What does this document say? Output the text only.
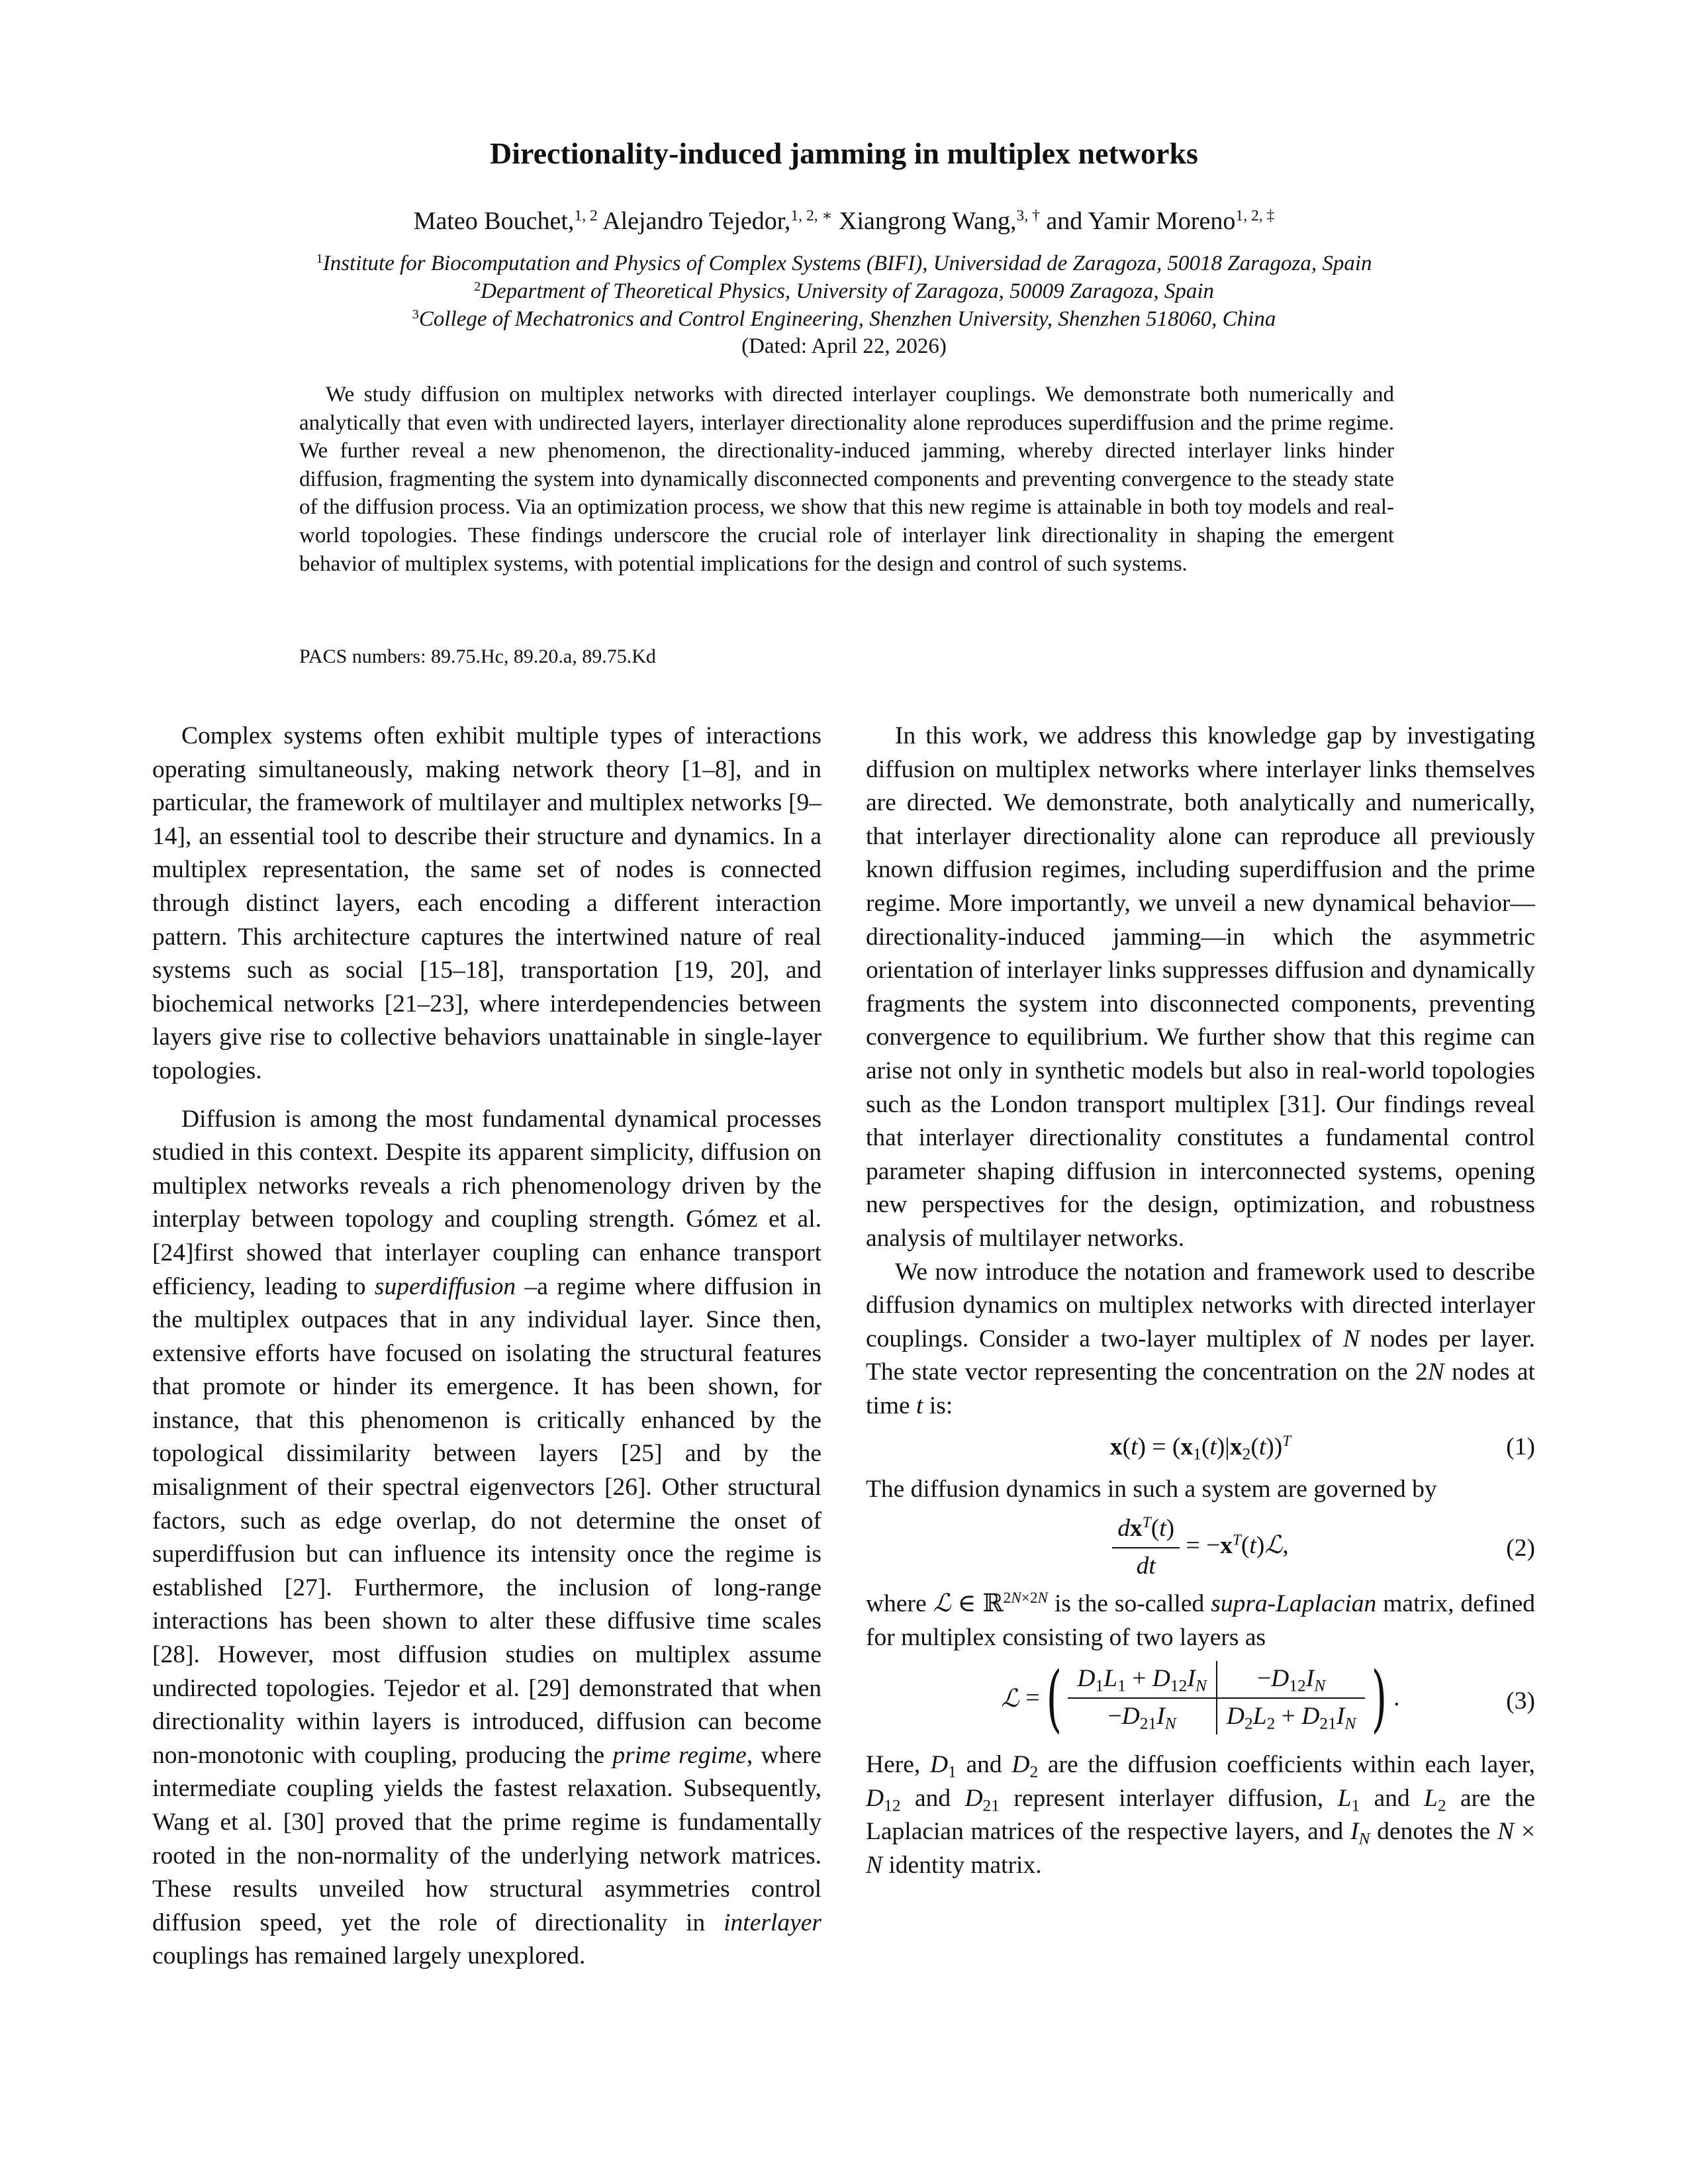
Directionality-induced jamming in multiplex networks
Mateo Bouchet,$^{1, 2}$ Alejandro Tejedor,$^{1, 2, ∗}$ Xiangrong Wang,$^{3, \dagger}$ and Yamir Moreno$^{1, 2, \ddagger}$
$^1$Institute for Biocomputation and Physics of Complex Systems (BIFI), Universidad de Zaragoza, 50018 Zaragoza, Spain
$^2$Department of Theoretical Physics, University of Zaragoza, 50009 Zaragoza, Spain
$^3$College of Mechatronics and Control Engineering, Shenzhen University, Shenzhen 518060, China
(Dated: April 22, 2026)
We study diffusion on multiplex networks with directed interlayer couplings. We demonstrate both numerically and analytically that even with undirected layers, interlayer directionality alone reproduces superdiffusion and the prime regime. We further reveal a new phenomenon, the directionality-induced jamming, whereby directed interlayer links hinder diffusion, fragmenting the system into dynamically disconnected components and preventing convergence to the steady state of the diffusion process. Via an optimization process, we show that this new regime is attainable in both toy models and real-world topologies. These findings underscore the crucial role of interlayer link directionality in shaping the emergent behavior of multiplex systems, with potential implications for the design and control of such systems.
PACS numbers: 89.75.Hc, 89.20.a, 89.75.Kd

Complex systems often exhibit multiple types of interactions operating simultaneously, making network theory [1–8], and in particular, the framework of multilayer and multiplex networks [9–14], an essential tool to describe their structure and dynamics. In a multiplex representation, the same set of nodes is connected through distinct layers, each encoding a different interaction pattern. This architecture captures the intertwined nature of real systems such as social [15–18], transportation [19, 20], and biochemical networks [21–23], where interdependencies between layers give rise to collective behaviors unattainable in single-layer topologies.

Diffusion is among the most fundamental dynamical processes studied in this context. Despite its apparent simplicity, diffusion on multiplex networks reveals a rich phenomenology driven by the interplay between topology and coupling strength. Gómez et al. [24]first showed that interlayer coupling can enhance transport efficiency, leading to superdiffusion –a regime where diffusion in the multiplex outpaces that in any individual layer. Since then, extensive efforts have focused on isolating the structural features that promote or hinder its emergence. It has been shown, for instance, that this phenomenon is critically enhanced by the topological dissimilarity between layers [25] and by the misalignment of their spectral eigenvectors [26]. Other structural factors, such as edge overlap, do not determine the onset of superdiffusion but can influence its intensity once the regime is established [27]. Furthermore, the inclusion of long-range interactions has been shown to alter these diffusive time scales [28]. However, most diffusion studies on multiplex assume undirected topologies. Tejedor et al. [29] demonstrated that when directionality within layers is introduced, diffusion can become non-monotonic with coupling, producing the prime regime, where intermediate coupling yields the fastest relaxation. Subsequently, Wang et al. [30] proved that the prime regime is fundamentally rooted in the non-normality of the underlying network matrices. These results unveiled how structural asymmetries control diffusion speed, yet the role of directionality in interlayer couplings has remained largely unexplored.

In this work, we address this knowledge gap by investigating diffusion on multiplex networks where interlayer links themselves are directed. We demonstrate, both analytically and numerically, that interlayer directionality alone can reproduce all previously known diffusion regimes, including superdiffusion and the prime regime. More importantly, we unveil a new dynamical behavior—directionality-induced jamming—in which the asymmetric orientation of interlayer links suppresses diffusion and dynamically fragments the system into disconnected components, preventing convergence to equilibrium. We further show that this regime can arise not only in synthetic models but also in real-world topologies such as the London transport multiplex [31]. Our findings reveal that interlayer directionality constitutes a fundamental control parameter shaping diffusion in interconnected systems, opening new perspectives for the design, optimization, and robustness analysis of multilayer networks.

We now introduce the notation and framework used to describe diffusion dynamics on multiplex networks with directed interlayer couplings. Consider a two-layer multiplex of N nodes per layer. The state vector representing the concentration on the 2N nodes at time t is:

$x(t) = (x_1(t)|x_2(t))^T$	(1)

The diffusion dynamics in such a system are governed by

$\frac{dx^T(t)}{dt}$ = $-x^T(t)ℒ$,	(2)

where ℒ ∈ ℝ$^{2N\times 2N}$ is the so-called supra-Laplacian matrix, defined for multiplex consisting of two layers as

ℒ = ( $D_1L_1 + D_{12}I_N$	$-D_{12}I_N$
$-D_{21}I_N$	$D_2L_2 + D_{21}I_N$ ) .	(3)

Here, $D_1$ and $D_2$ are the diffusion coefficients within each layer, $D_{12}$ and $D_{21}$ represent interlayer diffusion, $L_1$ and $L_2$ are the Laplacian matrices of the respective layers, and $I_N$ denotes the N × N identity matrix.
